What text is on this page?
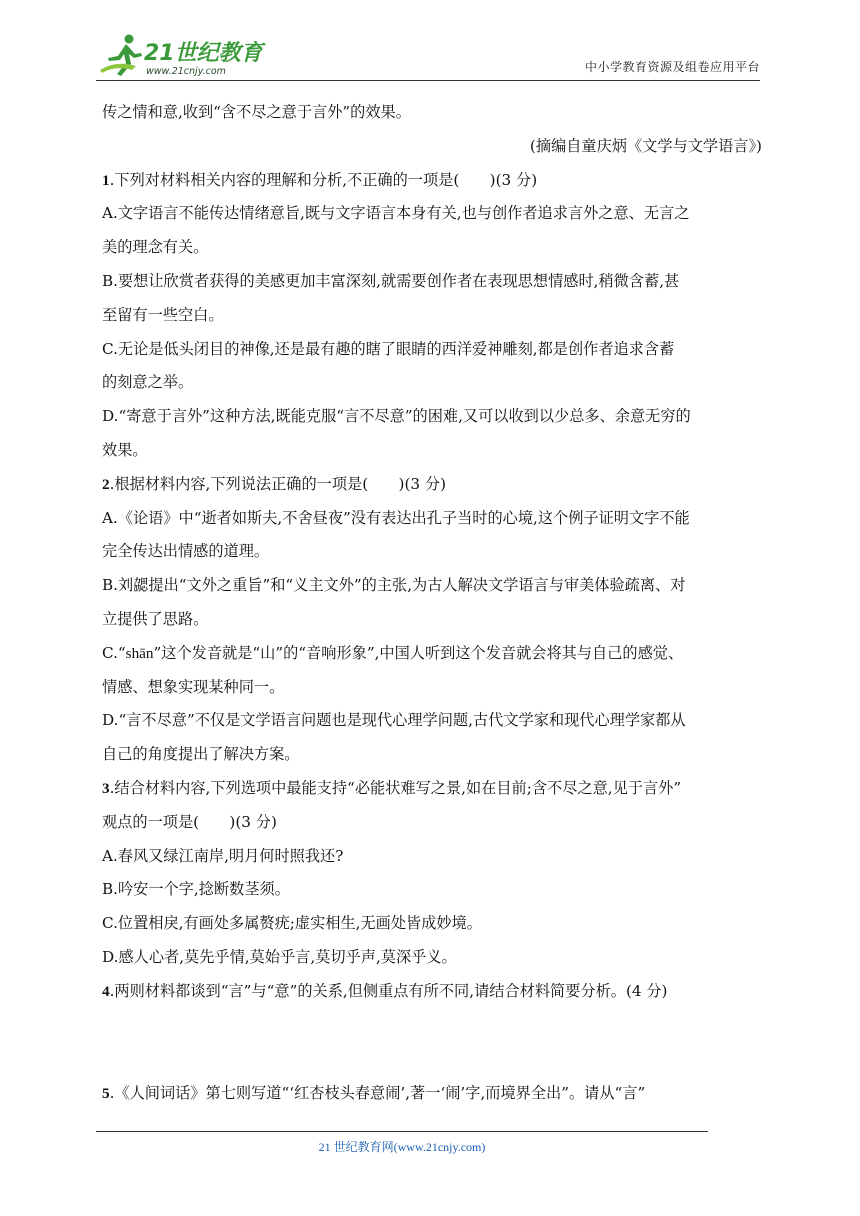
21世纪教育
www.21cnjy.com	中小学教育资源及组卷应用平台
传之情和意,收到“含不尽之意于言外”的效果。
(摘编自童庆炳《文学与文学语言》)
1.下列对材料相关内容的理解和分析,不正确的一项是(　　)(3 分)
A.文字语言不能传达情绪意旨,既与文字语言本身有关,也与创作者追求言外之意、无言之
美的理念有关。
B.要想让欣赏者获得的美感更加丰富深刻,就需要创作者在表现思想情感时,稍微含蓄,甚
至留有一些空白。
C.无论是低头闭目的神像,还是最有趣的瞎了眼睛的西洋爱神雕刻,都是创作者追求含蓄
的刻意之举。
D.“寄意于言外”这种方法,既能克服“言不尽意”的困难,又可以收到以少总多、余意无穷的
效果。
2.根据材料内容,下列说法正确的一项是(　　)(3 分)
A.《论语》中“逝者如斯夫,不舍昼夜”没有表达出孔子当时的心境,这个例子证明文字不能
完全传达出情感的道理。
B.刘勰提出“文外之重旨”和“义主文外”的主张,为古人解决文学语言与审美体验疏离、对
立提供了思路。
C.“shān”这个发音就是“山”的“音响形象”,中国人听到这个发音就会将其与自己的感觉、
情感、想象实现某种同一。
D.“言不尽意”不仅是文学语言问题也是现代心理学问题,古代文学家和现代心理学家都从
自己的角度提出了解决方案。
3.结合材料内容,下列选项中最能支持“必能状难写之景,如在目前;含不尽之意,见于言外”
观点的一项是(　　)(3 分)
A.春风又绿江南岸,明月何时照我还?
B.吟安一个字,捻断数茎须。
C.位置相戾,有画处多属赘疣;虚实相生,无画处皆成妙境。
D.感人心者,莫先乎情,莫始乎言,莫切乎声,莫深乎义。
4.两则材料都谈到“言”与“意”的关系,但侧重点有所不同,请结合材料简要分析。(4 分)
5.《人间词话》第七则写道“‘红杏枝头春意闹’,著一‘闹’字,而境界全出”。请从“言”
21 世纪教育网(www.21cnjy.com)
